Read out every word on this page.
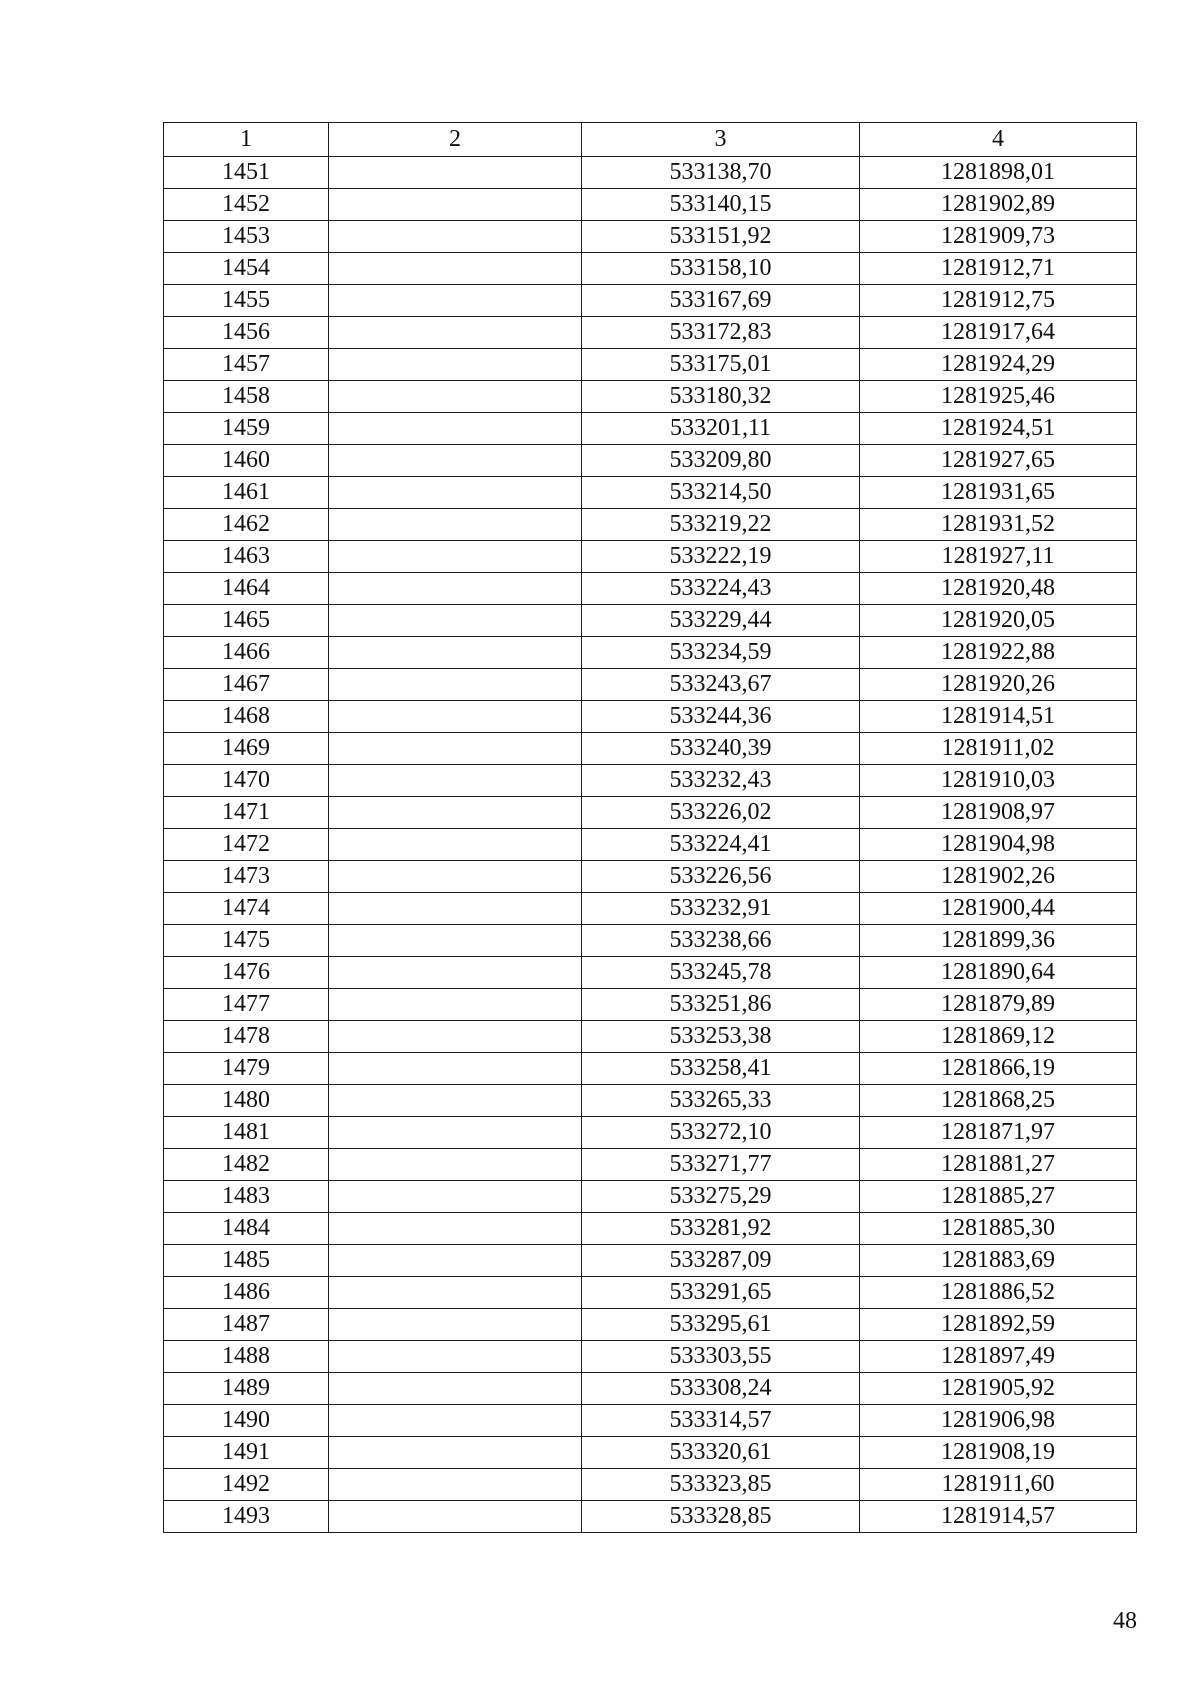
1	2	3	4
1451		533138,70	1281898,01
1452		533140,15	1281902,89
1453		533151,92	1281909,73
1454		533158,10	1281912,71
1455		533167,69	1281912,75
1456		533172,83	1281917,64
1457		533175,01	1281924,29
1458		533180,32	1281925,46
1459		533201,11	1281924,51
1460		533209,80	1281927,65
1461		533214,50	1281931,65
1462		533219,22	1281931,52
1463		533222,19	1281927,11
1464		533224,43	1281920,48
1465		533229,44	1281920,05
1466		533234,59	1281922,88
1467		533243,67	1281920,26
1468		533244,36	1281914,51
1469		533240,39	1281911,02
1470		533232,43	1281910,03
1471		533226,02	1281908,97
1472		533224,41	1281904,98
1473		533226,56	1281902,26
1474		533232,91	1281900,44
1475		533238,66	1281899,36
1476		533245,78	1281890,64
1477		533251,86	1281879,89
1478		533253,38	1281869,12
1479		533258,41	1281866,19
1480		533265,33	1281868,25
1481		533272,10	1281871,97
1482		533271,77	1281881,27
1483		533275,29	1281885,27
1484		533281,92	1281885,30
1485		533287,09	1281883,69
1486		533291,65	1281886,52
1487		533295,61	1281892,59
1488		533303,55	1281897,49
1489		533308,24	1281905,92
1490		533314,57	1281906,98
1491		533320,61	1281908,19
1492		533323,85	1281911,60
1493		533328,85	1281914,57
48
